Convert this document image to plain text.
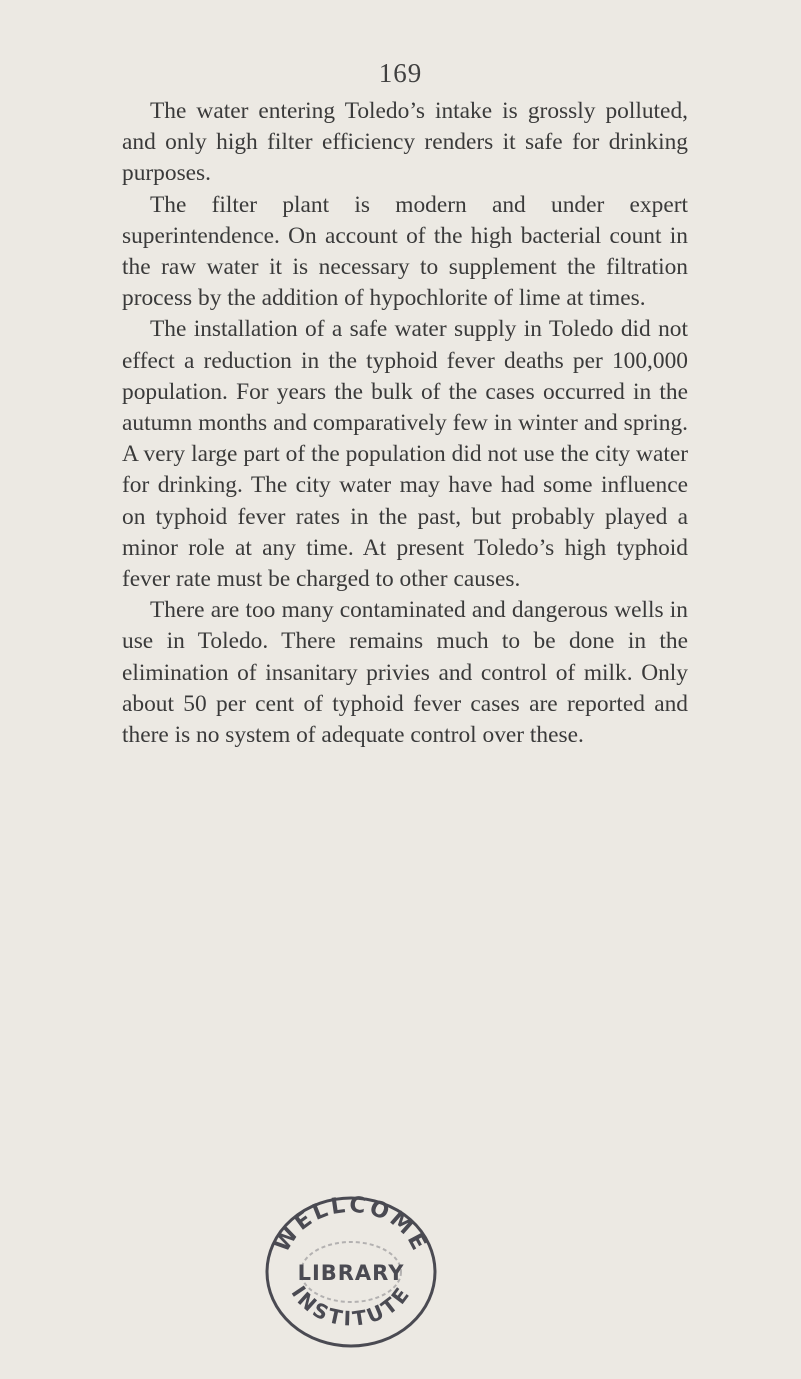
169

The water entering Toledo’s intake is grossly polluted, and only high filter efficiency renders it safe for drinking purposes.

The filter plant is modern and under expert superintendence. On account of the high bacterial count in the raw water it is necessary to supplement the filtration process by the addition of hypochlorite of lime at times.

The installation of a safe water supply in Toledo did not effect a reduction in the typhoid fever deaths per 100,000 population. For years the bulk of the cases occurred in the autumn months and comparatively few in winter and spring. A very large part of the population did not use the city water for drinking. The city water may have had some influence on typhoid fever rates in the past, but probably played a minor role at any time. At present Toledo’s high typhoid fever rate must be charged to other causes.

There are too many contaminated and dangerous wells in use in Toledo. There remains much to be done in the elimination of insanitary privies and control of milk. Only about 50 per cent of typhoid fever cases are reported and there is no system of adequate control over these.

WELLCOME
LIBRARY
INSTITUTE
